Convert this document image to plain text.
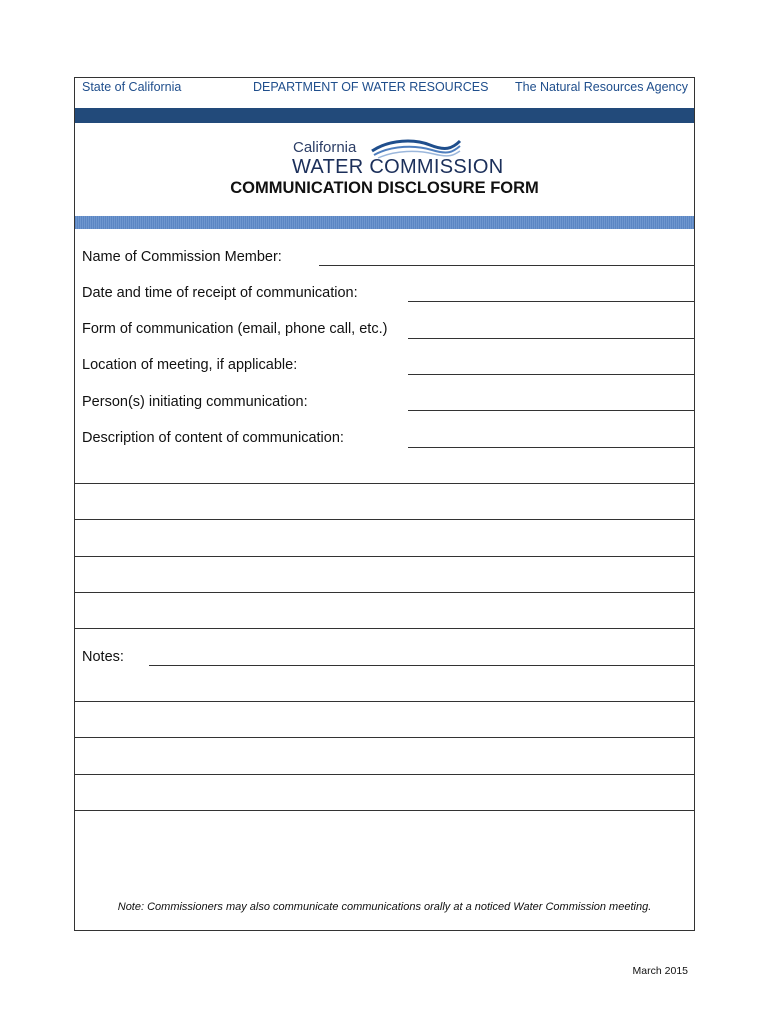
State of California	DEPARTMENT OF WATER RESOURCES The Natural Resources Agency
California
WATER COMMISSION
COMMUNICATION DISCLOSURE FORM
Name of Commission Member:
Date and time of receipt of communication:
Form of communication (email, phone call, etc.)
Location of meeting, if applicable:
Person(s) initiating communication:
Description of content of communication:
Notes:
Note: Commissioners may also communicate communications orally at a noticed Water Commission meeting.
March 2015
